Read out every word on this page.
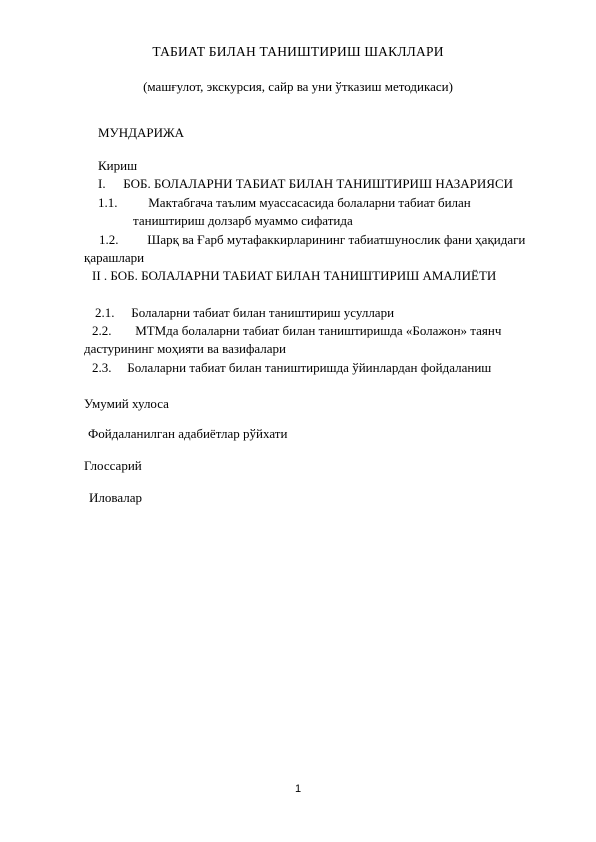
ТАБИАТ БИЛАН ТАНИШТИРИШ ШАКЛЛАРИ
(машғулот, экскурсия, сайр ва уни ўтказиш методикаси)
МУНДАРИЖА
Кириш
I. БОБ. БОЛАЛАРНИ ТАБИАТ БИЛАН ТАНИШТИРИШ НАЗАРИЯСИ
1.1. Мактабгача таълим муассасасида болаларни табиат билан
таништириш долзарб муаммо сифатида
1.2. Шарқ ва Ғарб мутафаккирларининг табиатшунослик фани ҳақидаги
қарашлари
II . БОБ. БОЛАЛАРНИ ТАБИАТ БИЛАН ТАНИШТИРИШ АМАЛИЁТИ
2.1. Болаларни табиат билан таништириш усуллари
2.2. МТМда болаларни табиат билан таништиришда «Болажон» таянч
дастурининг моҳияти ва вазифалари
2.3. Болаларни табиат билан таништиришда ўйинлардан фойдаланиш
Умумий хулоса
Фойдаланилган адабиётлар рўйхати
Глоссарий
Иловалар
1
